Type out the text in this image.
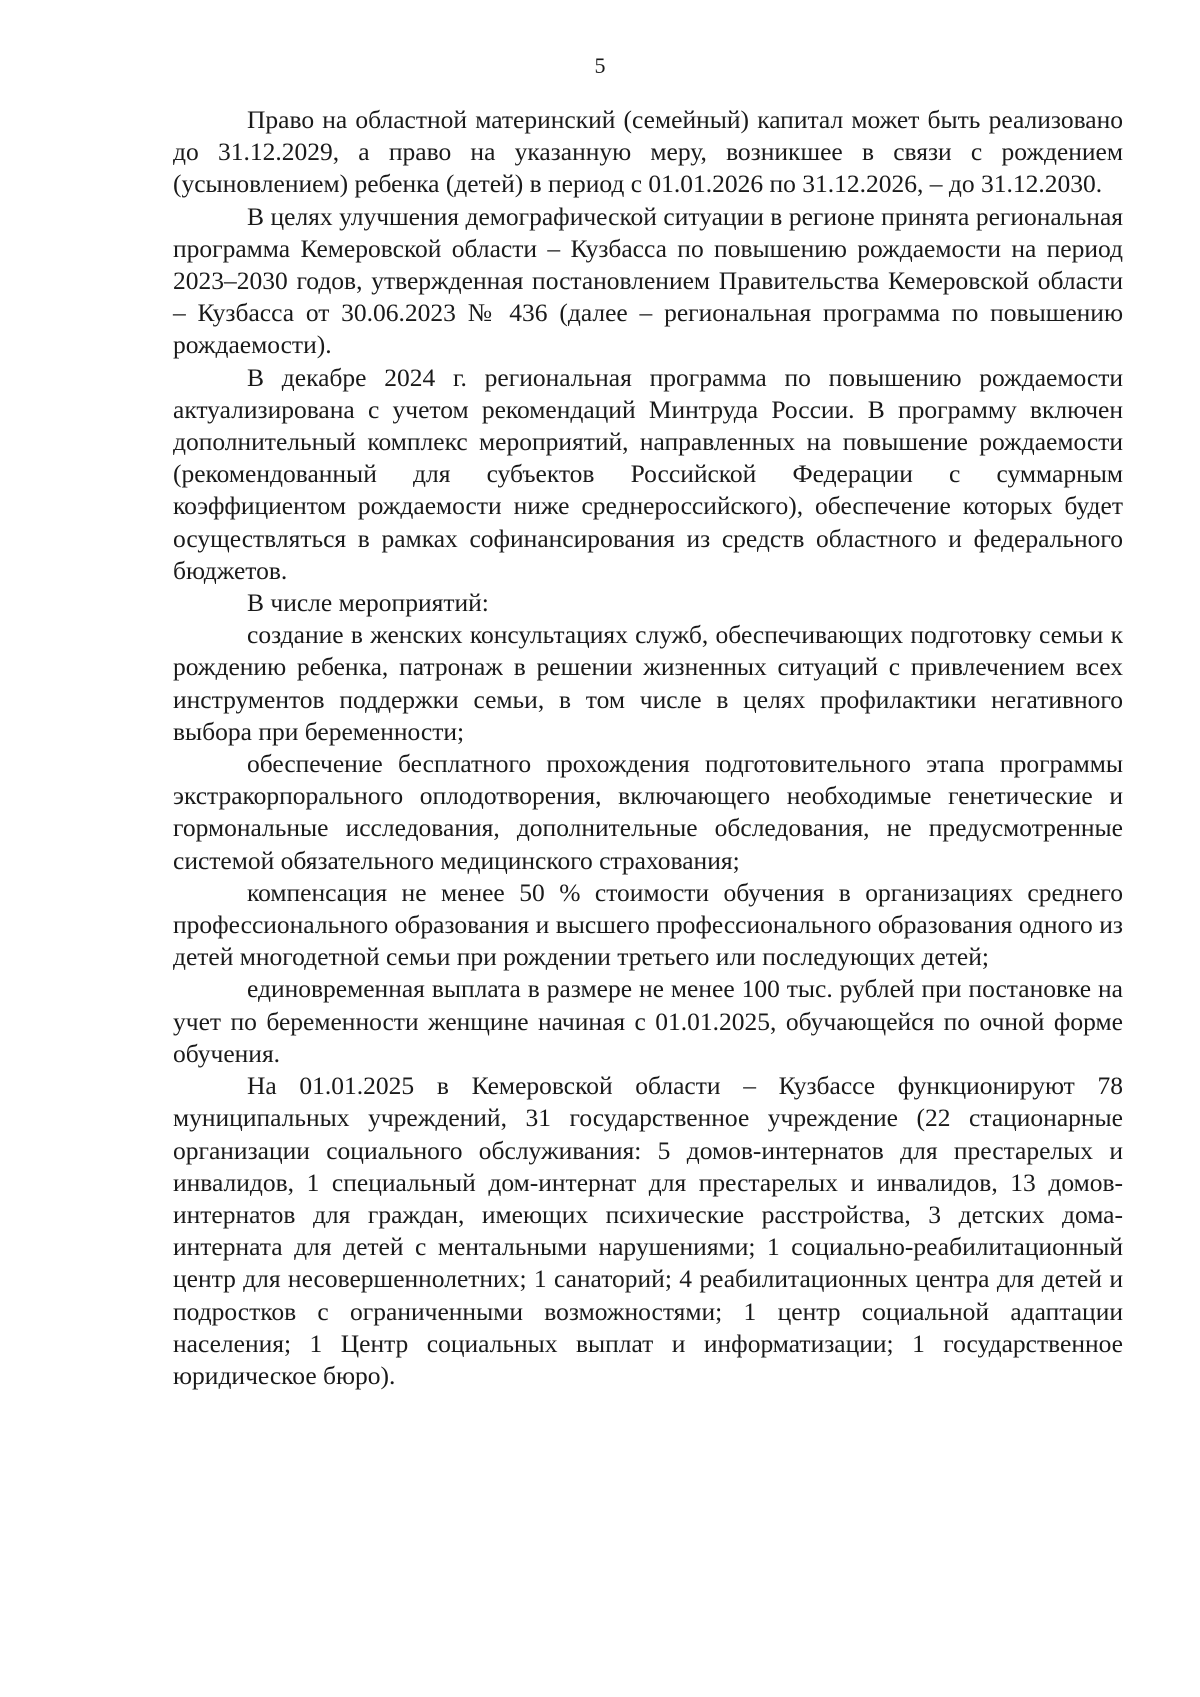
5

Право на областной материнский (семейный) капитал может быть реализовано до 31.12.2029, а право на указанную меру, возникшее в связи с рождением (усыновлением) ребенка (детей) в период с 01.01.2026 по 31.12.2026, – до 31.12.2030.

В целях улучшения демографической ситуации в регионе принята региональная программа Кемеровской области – Кузбасса по повышению рождаемости на период 2023–2030 годов, утвержденная постановлением Правительства Кемеровской области – Кузбасса от 30.06.2023 № 436 (далее – региональная программа по повышению рождаемости).

В декабре 2024 г. региональная программа по повышению рождаемости актуализирована с учетом рекомендаций Минтруда России. В программу включен дополнительный комплекс мероприятий, направленных на повышение рождаемости (рекомендованный для субъектов Российской Федерации с суммарным коэффициентом рождаемости ниже среднероссийского), обеспечение которых будет осуществляться в рамках софинансирования из средств областного и федерального бюджетов.

В числе мероприятий:

создание в женских консультациях служб, обеспечивающих подготовку семьи к рождению ребенка, патронаж в решении жизненных ситуаций с привлечением всех инструментов поддержки семьи, в том числе в целях профилактики негативного выбора при беременности;

обеспечение бесплатного прохождения подготовительного этапа программы экстракорпорального оплодотворения, включающего необходимые генетические и гормональные исследования, дополнительные обследования, не предусмотренные системой обязательного медицинского страхования;

компенсация не менее 50 % стоимости обучения в организациях среднего профессионального образования и высшего профессионального образования одного из детей многодетной семьи при рождении третьего или последующих детей;

единовременная выплата в размере не менее 100 тыс. рублей при постановке на учет по беременности женщине начиная с 01.01.2025, обучающейся по очной форме обучения.

На 01.01.2025 в Кемеровской области – Кузбассе функционируют 78 муниципальных учреждений, 31 государственное учреждение (22 стационарные организации социального обслуживания: 5 домов-интернатов для престарелых и инвалидов, 1 специальный дом-интернат для престарелых и инвалидов, 13 домов-интернатов для граждан, имеющих психические расстройства, 3 детских дома-интерната для детей с ментальными нарушениями; 1 социально-реабилитационный центр для несовершеннолетних; 1 санаторий; 4 реабилитационных центра для детей и подростков с ограниченными возможностями; 1 центр социальной адаптации населения; 1 Центр социальных выплат и информатизации; 1 государственное юридическое бюро).
